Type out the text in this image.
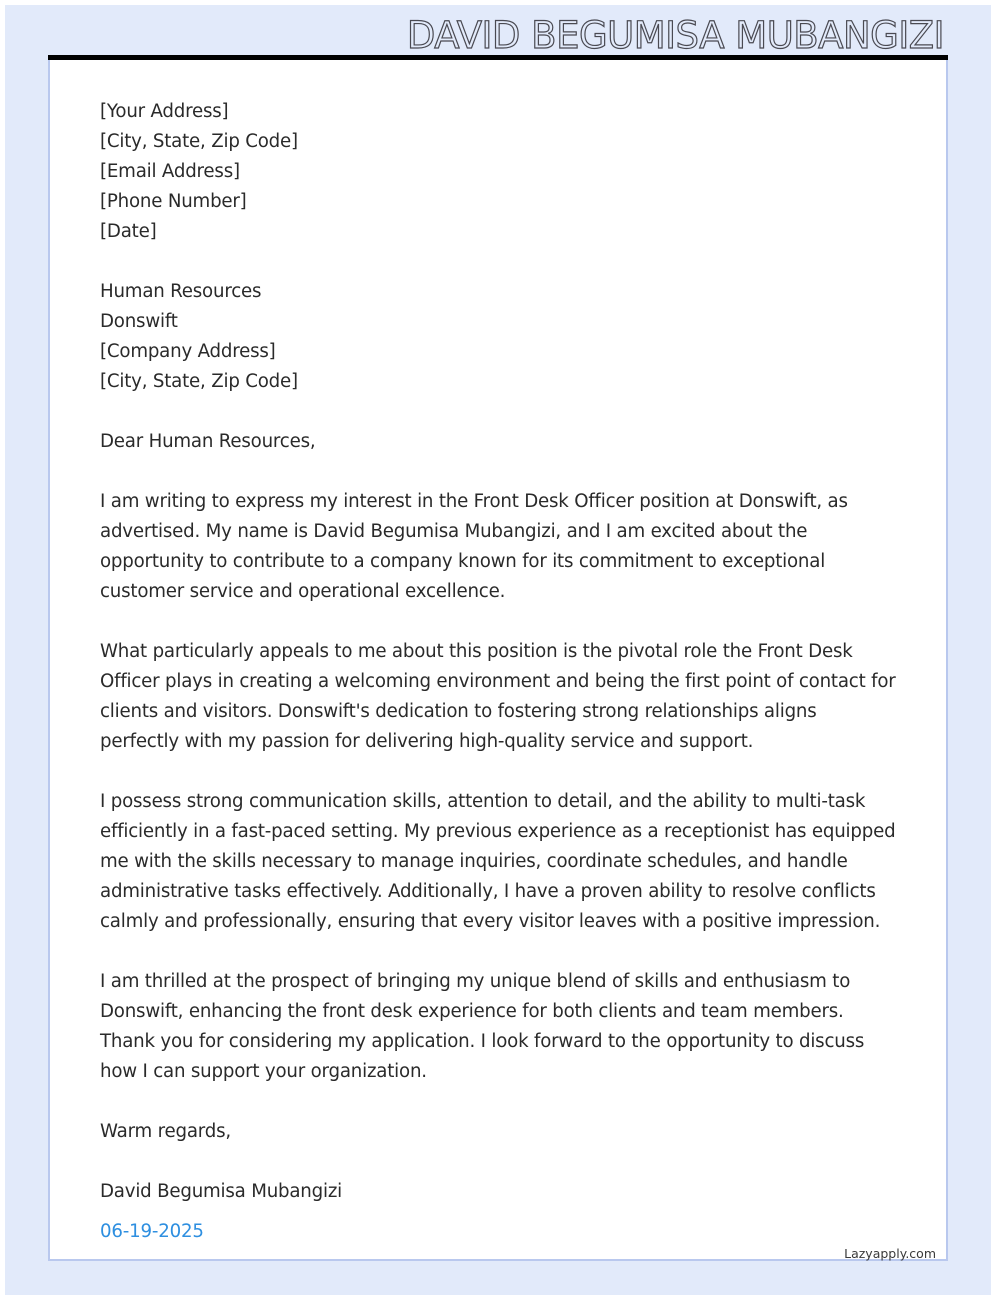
DAVID BEGUMISA MUBANGIZI
[Your Address]
[City, State, Zip Code]
[Email Address]
[Phone Number]
[Date]
Human Resources
Donswift
[Company Address]
[City, State, Zip Code]
Dear Human Resources,
I am writing to express my interest in the Front Desk Officer position at Donswift, as
advertised. My name is David Begumisa Mubangizi, and I am excited about the
opportunity to contribute to a company known for its commitment to exceptional
customer service and operational excellence.
What particularly appeals to me about this position is the pivotal role the Front Desk
Officer plays in creating a welcoming environment and being the first point of contact for
clients and visitors. Donswift's dedication to fostering strong relationships aligns
perfectly with my passion for delivering high-quality service and support.
I possess strong communication skills, attention to detail, and the ability to multi-task
efficiently in a fast-paced setting. My previous experience as a receptionist has equipped
me with the skills necessary to manage inquiries, coordinate schedules, and handle
administrative tasks effectively. Additionally, I have a proven ability to resolve conflicts
calmly and professionally, ensuring that every visitor leaves with a positive impression.
I am thrilled at the prospect of bringing my unique blend of skills and enthusiasm to
Donswift, enhancing the front desk experience for both clients and team members.
Thank you for considering my application. I look forward to the opportunity to discuss
how I can support your organization.
Warm regards,
David Begumisa Mubangizi
06-19-2025
Lazyapply.com
